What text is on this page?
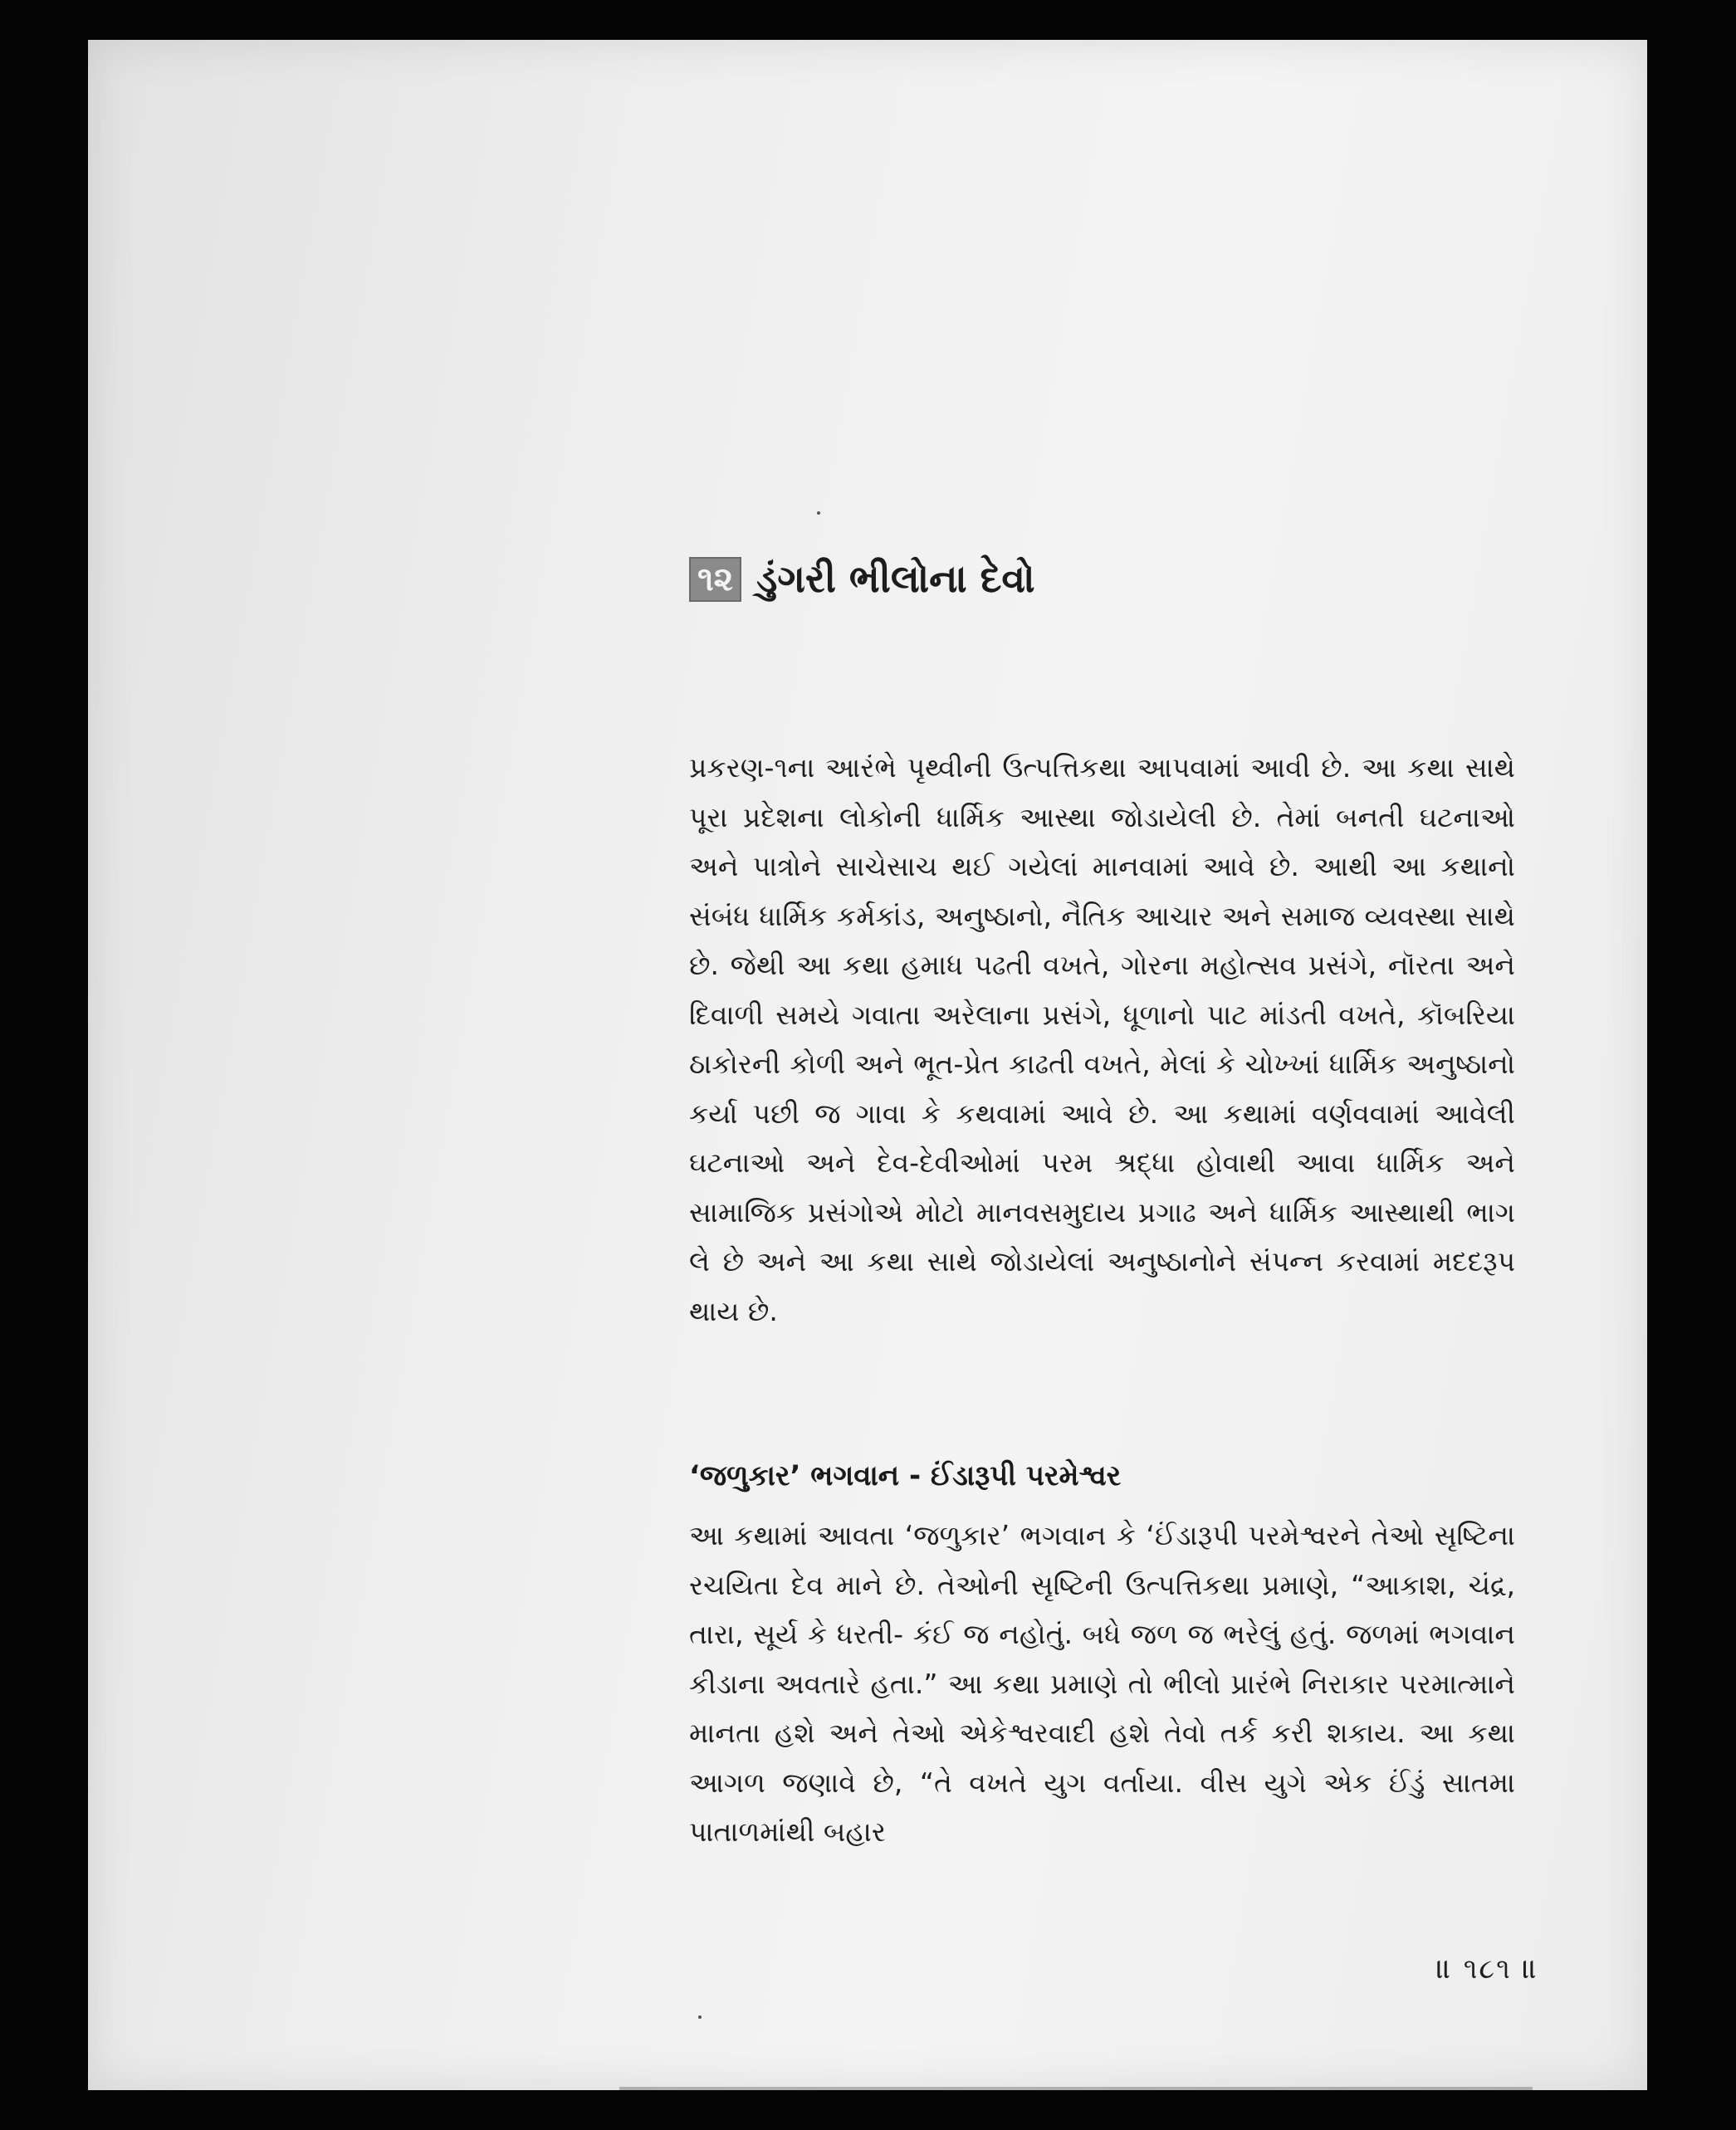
૧૨ ડુંગરી ભીલોના દેવો
પ્રકરણ-૧ના આરંભે પૃથ્વીની ઉત્પત્તિકથા આપવામાં આવી છે. આ કથા સાથે પૂરા પ્રદેશના લોકોની ધાર્મિક આસ્થા જોડાયેલી છે. તેમાં બનતી ઘટનાઓ અને પાત્રોને સાચેસાચ થઈ ગયેલાં માનવામાં આવે છે. આથી આ કથાનો સંબંધ ધાર્મિક કર્મકાંડ, અનુષ્ઠાનો, નૈતિક આચાર અને સમાજ વ્યવસ્થા સાથે છે. જેથી આ કથા હમાધ પઢતી વખતે, ગોરના મહોત્સવ પ્રસંગે, નૉરતા અને દિવાળી સમયે ગવાતા અરેલાના પ્રસંગે, ધૂળાનો પાટ માંડતી વખતે, કૉબરિયા ઠાકોરની કોળી અને ભૂત-પ્રેત કાઢતી વખતે, મેલાં કે ચોખ્ખાં ધાર્મિક અનુષ્ઠાનો કર્યા પછી જ ગાવા કે કથવામાં આવે છે. આ કથામાં વર્ણવવામાં આવેલી ઘટનાઓ અને દેવ-દેવીઓમાં પરમ શ્રદ્ધા હોવાથી આવા ધાર્મિક અને સામાજિક પ્રસંગોએ મોટો માનવસમુદાય પ્રગાઢ અને ધાર્મિક આસ્થાથી ભાગ લે છે અને આ કથા સાથે જોડાયેલાં અનુષ્ઠાનોને સંપન્ન કરવામાં મદદરૂપ થાય છે.
‘જળુકાર’ ભગવાન - ઈંડારૂપી પરમેશ્વર
આ કથામાં આવતા ‘જળુકાર’ ભગવાન કે ‘ઈંડારૂપી પરમેશ્વરને તેઓ સૃષ્ટિના રચયિતા દેવ માને છે. તેઓની સૃષ્ટિની ઉત્પત્તિકથા પ્રમાણે, “આકાશ, ચંદ્ર, તારા, સૂર્ય કે ધરતી- કંઈ જ નહોતું. બધે જળ જ ભરેલું હતું. જળમાં ભગવાન કીડાના અવતારે હતા.” આ કથા પ્રમાણે તો ભીલો પ્રારંભે નિરાકાર પરમાત્માને માનતા હશે અને તેઓ એકેશ્વરવાદી હશે તેવો તર્ક કરી શકાય. આ કથા આગળ જણાવે છે, “તે વખતે યુગ વર્તાયા. વીસ યુગે એક ઈંડું સાતમા પાતાળમાંથી બહાર
॥ ૧૮૧ ॥
